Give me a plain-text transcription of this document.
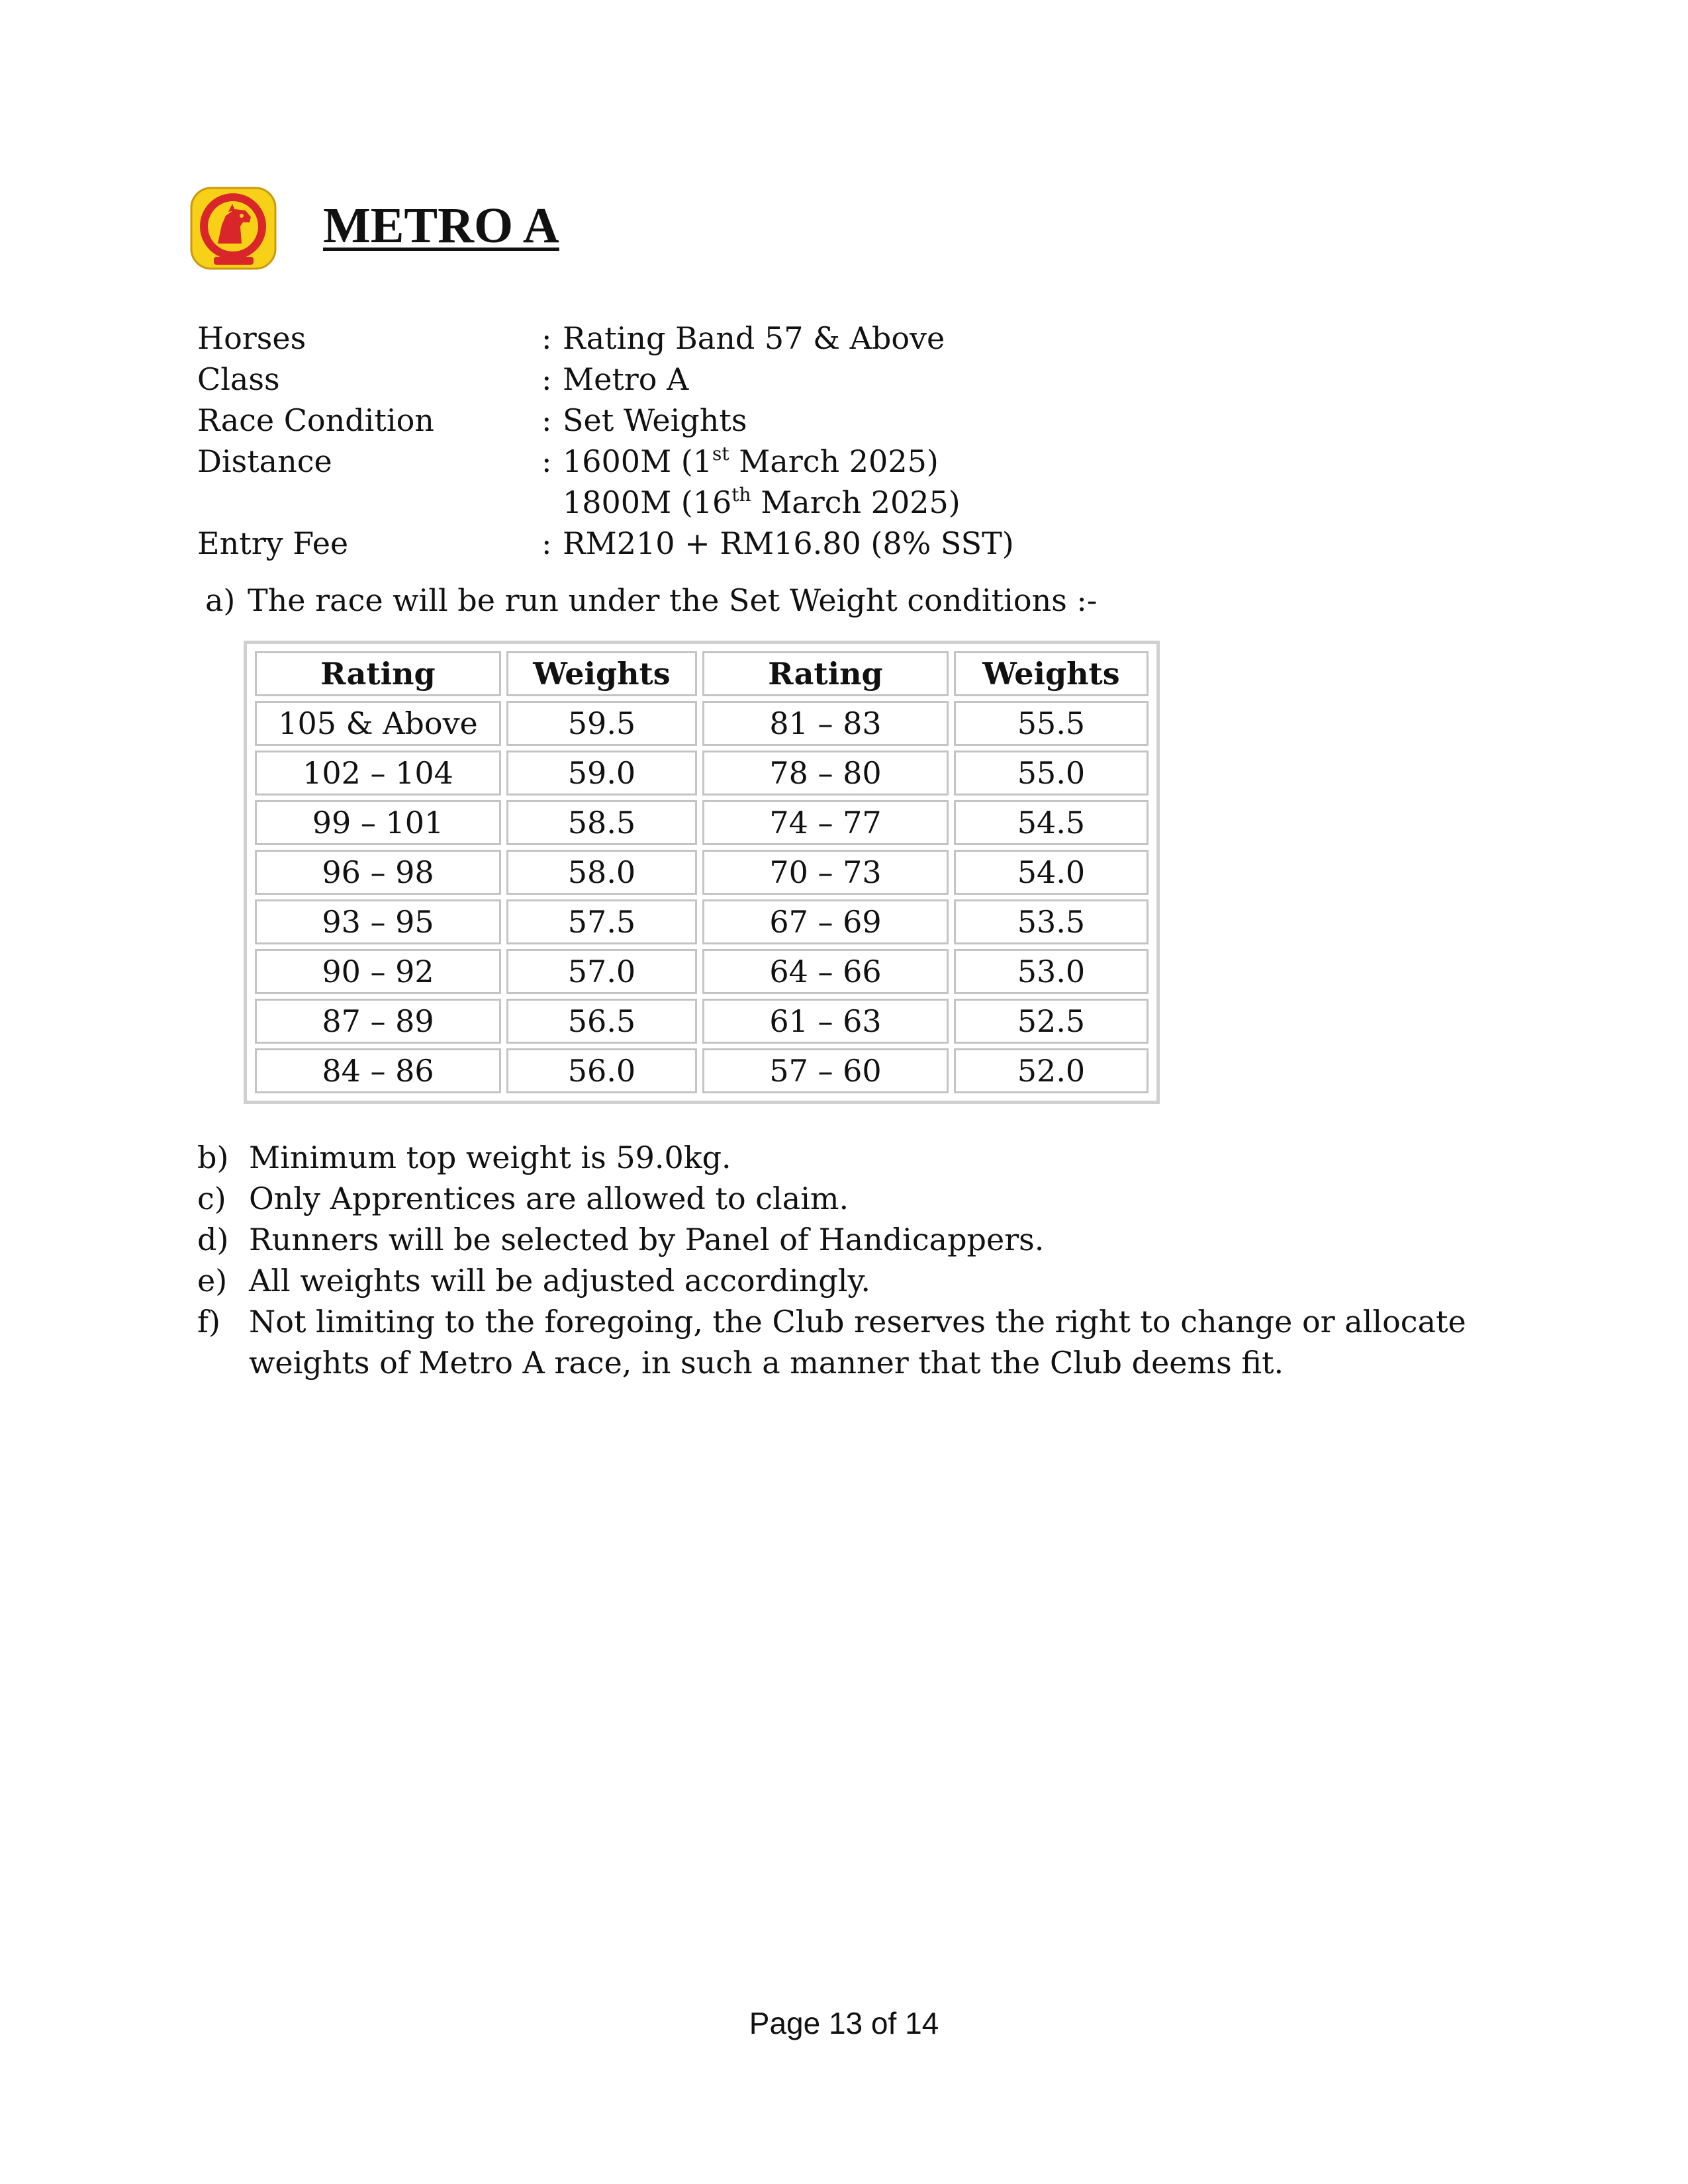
METRO A
Horses	: Rating Band 57 & Above
Class	: Metro A
Race Condition	: Set Weights
Distance	: 1600M (1st March 2025)
1800M (16th March 2025)
Entry Fee	: RM210 + RM16.80 (8% SST)
a) The race will be run under the Set Weight conditions :-
Rating	Weights	Rating	Weights
105 & Above	59.5	81 – 83	55.5
102 – 104	59.0	78 – 80	55.0
99 – 101	58.5	74 – 77	54.5
96 – 98	58.0	70 – 73	54.0
93 – 95	57.5	67 – 69	53.5
90 – 92	57.0	64 – 66	53.0
87 – 89	56.5	61 – 63	52.5
84 – 86	56.0	57 – 60	52.0
b) Minimum top weight is 59.0kg.
c) Only Apprentices are allowed to claim.
d) Runners will be selected by Panel of Handicappers.
e) All weights will be adjusted accordingly.
f) Not limiting to the foregoing, the Club reserves the right to change or allocate weights of Metro A race, in such a manner that the Club deems fit.
Page 13 of 14
